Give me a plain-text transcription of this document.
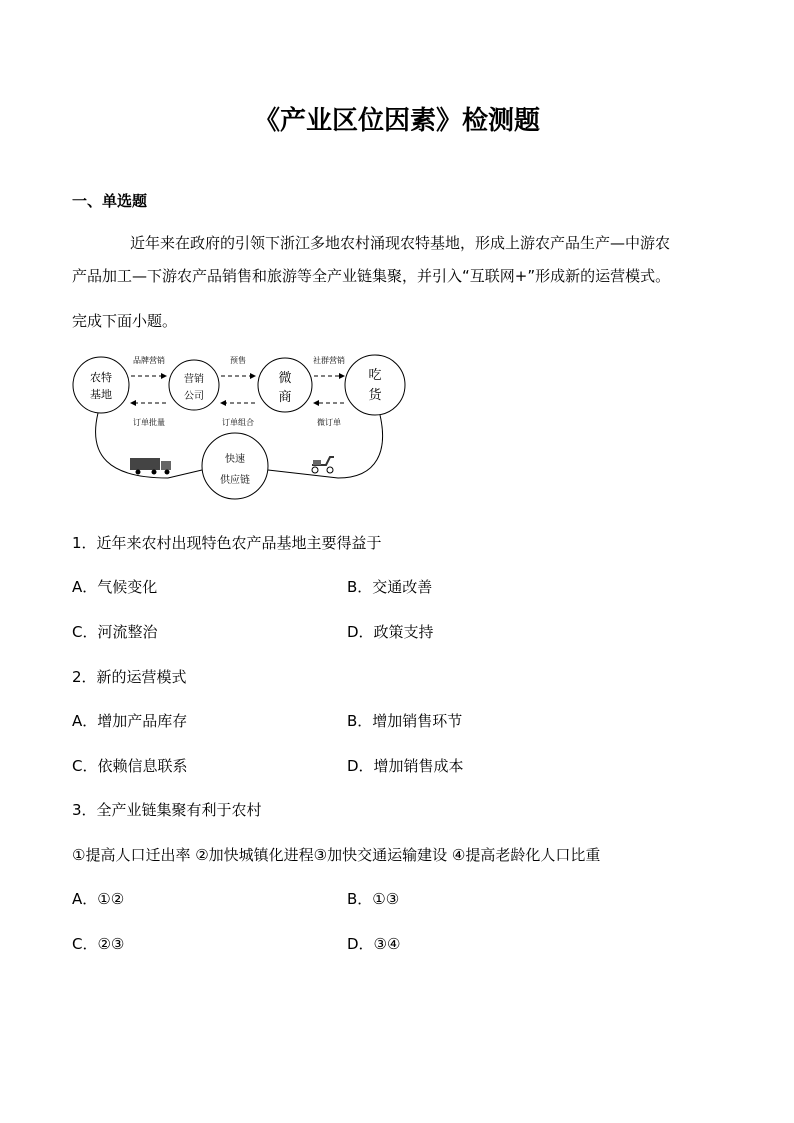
《产业区位因素》检测题
一、单选题
近年来在政府的引领下浙江多地农村涌现农特基地，形成上游农产品生产—中游农
产品加工—下游农产品销售和旅游等全产业链集聚，并引入“互联网+”形成新的运营模式。
完成下面小题。
农特
基地
营销
公司
微
商
吃
货
快速
供应链
品牌营销	预售	社群营销
订单批量	订单组合	微订单
1．近年来农村出现特色农产品基地主要得益于
A．气候变化	B．交通改善
C．河流整治	D．政策支持
2．新的运营模式
A．增加产品库存	B．增加销售环节
C．依赖信息联系	D．增加销售成本
3．全产业链集聚有利于农村
①提高人口迁出率 ②加快城镇化进程③加快交通运输建设 ④提高老龄化人口比重
A．①②	B．①③
C．②③	D．③④
